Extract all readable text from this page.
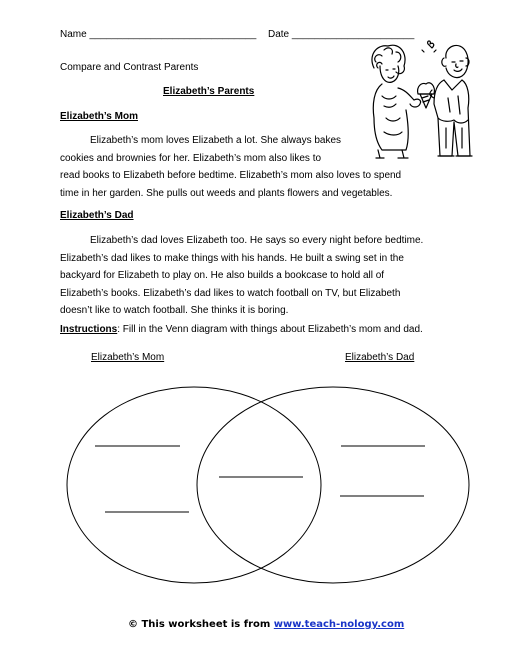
Name ______________________________ Date ______________________
Compare and Contrast Parents
Elizabeth’s Parents
Elizabeth’s Mom
Elizabeth’s mom loves Elizabeth a lot. She always bakes
cookies and brownies for her. Elizabeth’s mom also likes to
read books to Elizabeth before bedtime. Elizabeth’s mom also loves to spend
time in her garden. She pulls out weeds and plants flowers and vegetables.
Elizabeth’s Dad
Elizabeth’s dad loves Elizabeth too. He says so every night before bedtime.
Elizabeth’s dad likes to make things with his hands. He built a swing set in the
backyard for Elizabeth to play on. He also builds a bookcase to hold all of
Elizabeth’s books. Elizabeth’s dad likes to watch football on TV, but Elizabeth
doesn’t like to watch football. She thinks it is boring.
Instructions: Fill in the Venn diagram with things about Elizabeth’s mom and dad.
Elizabeth’s Mom	Elizabeth’s Dad
© This worksheet is from www.teach-nology.com
